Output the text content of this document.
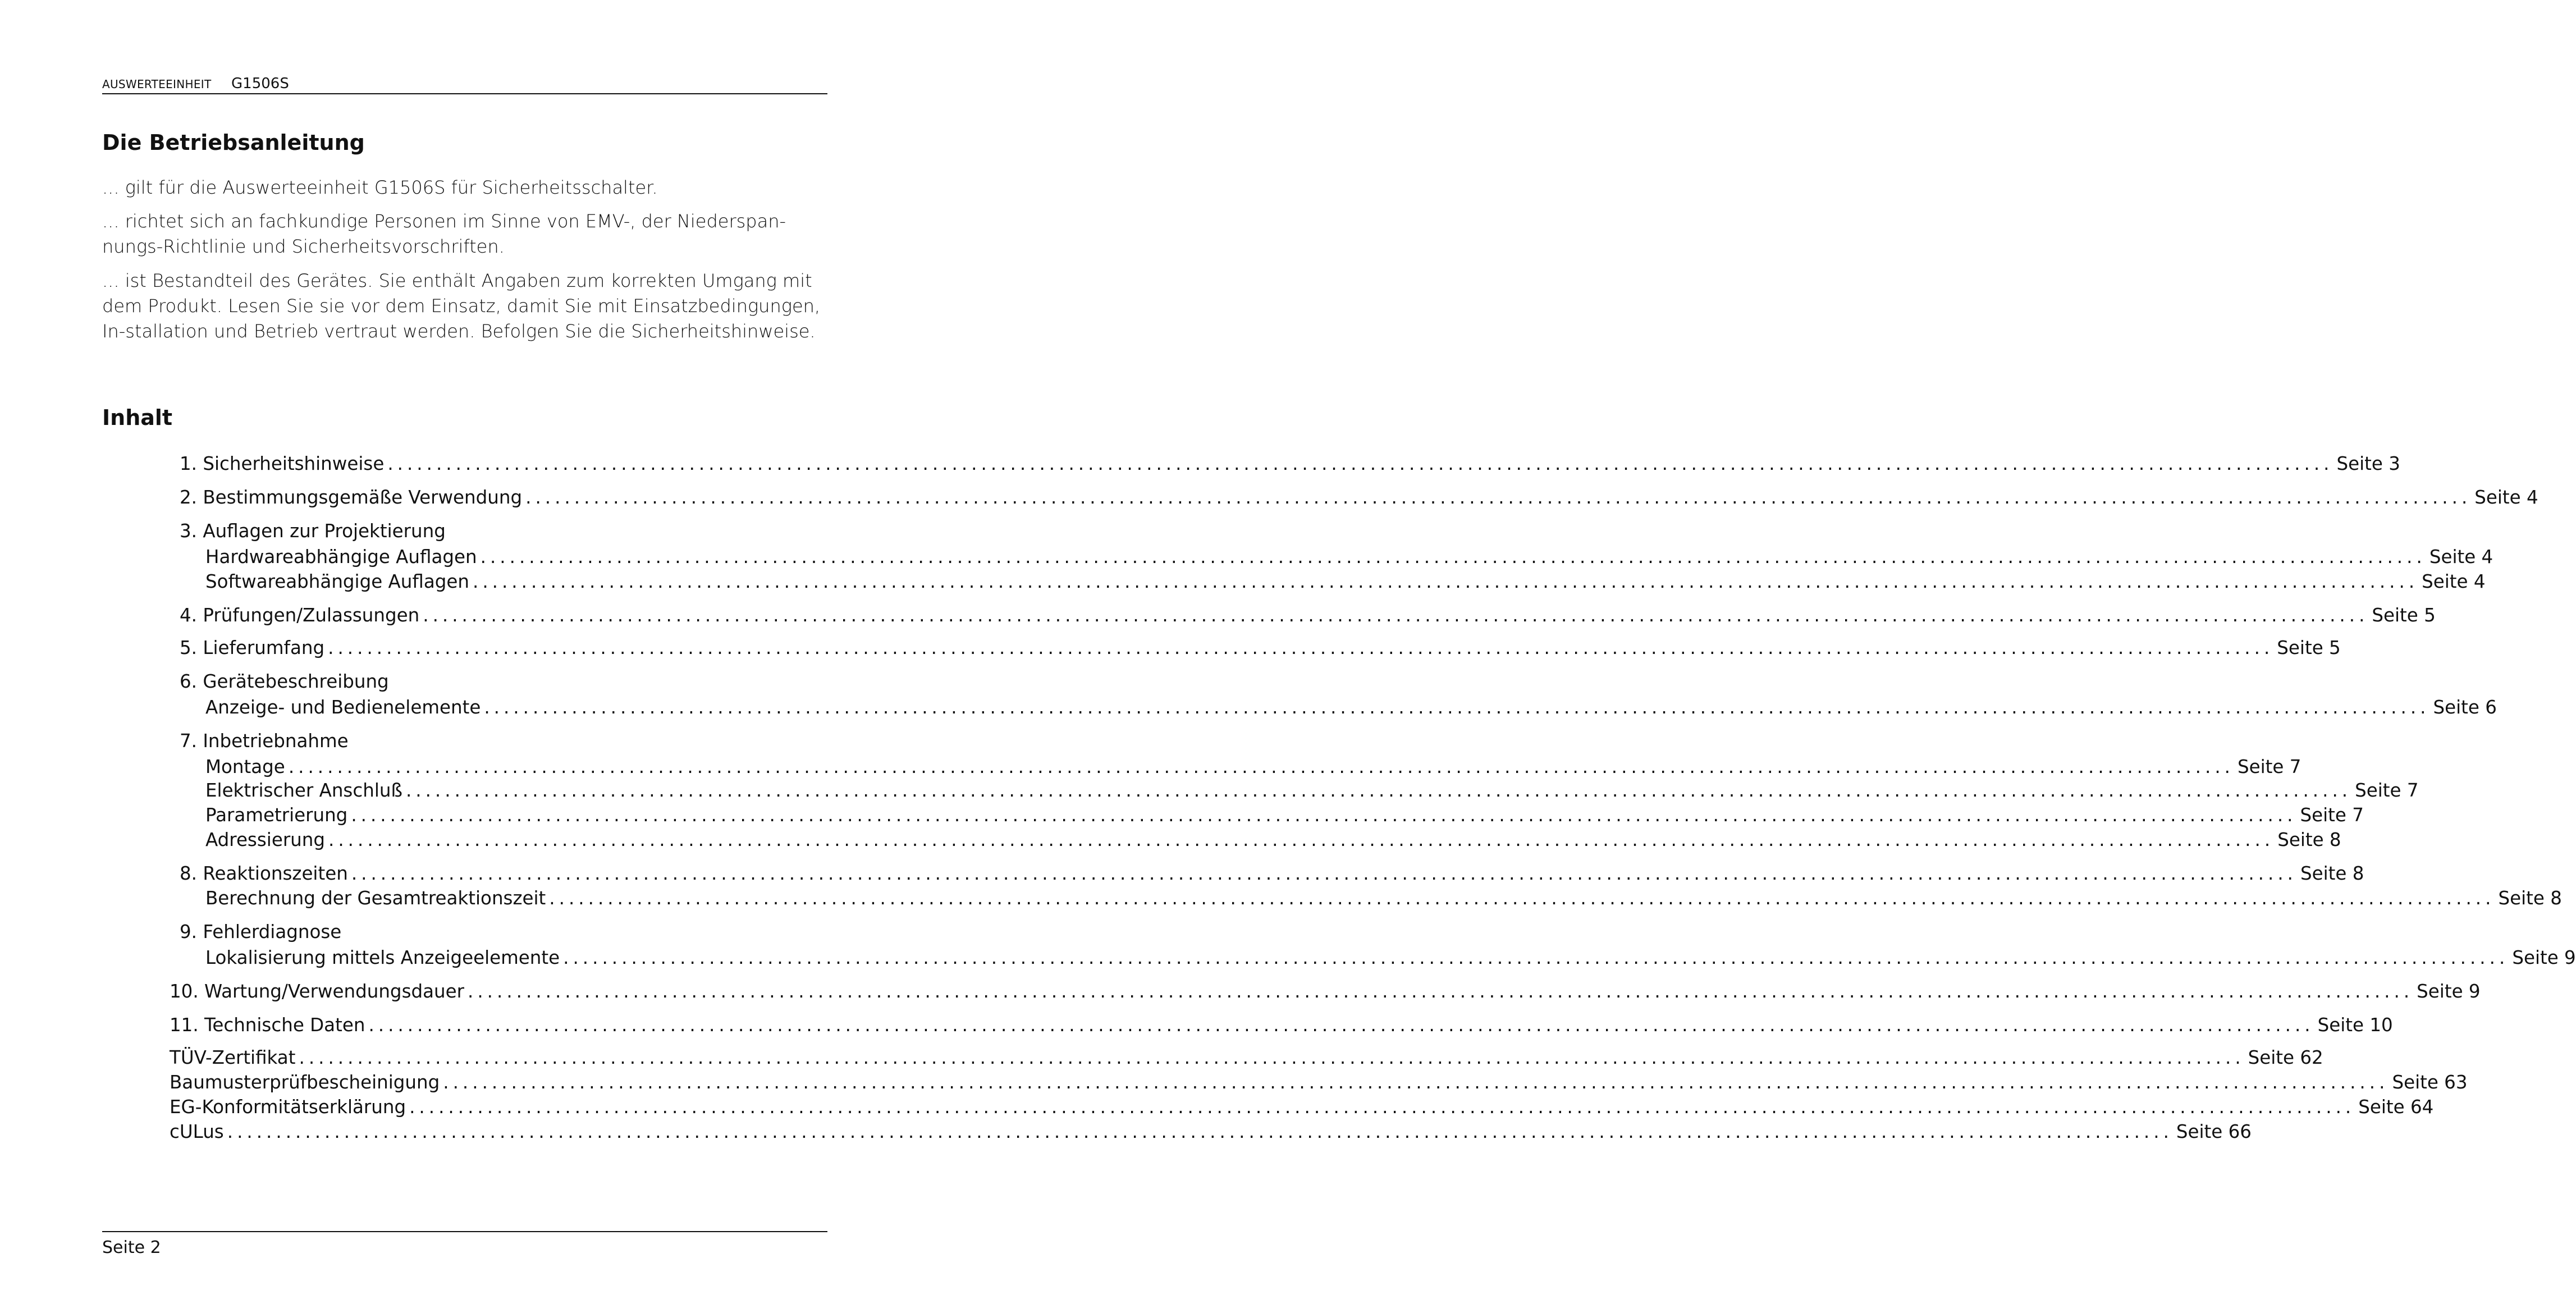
AUSWERTEEINHEIT G1506S
Die Betriebsanleitung

... gilt für die Auswerteeinheit G1506S für Sicherheitsschalter.

... richtet sich an fachkundige Personen im Sinne von EMV-, der Niederspan-nungs-Richtlinie und Sicherheitsvorschriften.

... ist Bestandteil des Gerätes. Sie enthält Angaben zum korrekten Umgang mit dem Produkt. Lesen Sie sie vor dem Einsatz, damit Sie mit Einsatzbedingungen, In-stallation und Betrieb vertraut werden. Befolgen Sie die Sicherheitshinweise.

Inhalt
1. Sicherheitshinweise ........................................................................................................................................................................................................ Seite 3
2. Bestimmungsgemäße Verwendung ........................................................................................................................................................................................................ Seite 4
3. Auflagen zur Projektierung
Hardwareabhängige Auflagen ........................................................................................................................................................................................................ Seite 4
Softwareabhängige Auflagen ........................................................................................................................................................................................................ Seite 4
4. Prüfungen/Zulassungen ........................................................................................................................................................................................................ Seite 5
5. Lieferumfang ........................................................................................................................................................................................................ Seite 5
6. Gerätebeschreibung
Anzeige- und Bedienelemente ........................................................................................................................................................................................................ Seite 6
7. Inbetriebnahme
Montage ........................................................................................................................................................................................................ Seite 7
Elektrischer Anschluß ........................................................................................................................................................................................................ Seite 7
Parametrierung ........................................................................................................................................................................................................ Seite 7
Adressierung ........................................................................................................................................................................................................ Seite 8
8. Reaktionszeiten ........................................................................................................................................................................................................ Seite 8
Berechnung der Gesamtreaktionszeit ........................................................................................................................................................................................................ Seite 8
9. Fehlerdiagnose
Lokalisierung mittels Anzeigeelemente ........................................................................................................................................................................................................ Seite 9
10. Wartung/Verwendungsdauer ........................................................................................................................................................................................................ Seite 9
11. Technische Daten ........................................................................................................................................................................................................ Seite 10
TÜV-Zertifikat ........................................................................................................................................................................................................ Seite 62
Baumusterprüfbescheinigung ........................................................................................................................................................................................................ Seite 63
EG-Konformitätserklärung ........................................................................................................................................................................................................ Seite 64
cULus ........................................................................................................................................................................................................ Seite 66
Seite 2
